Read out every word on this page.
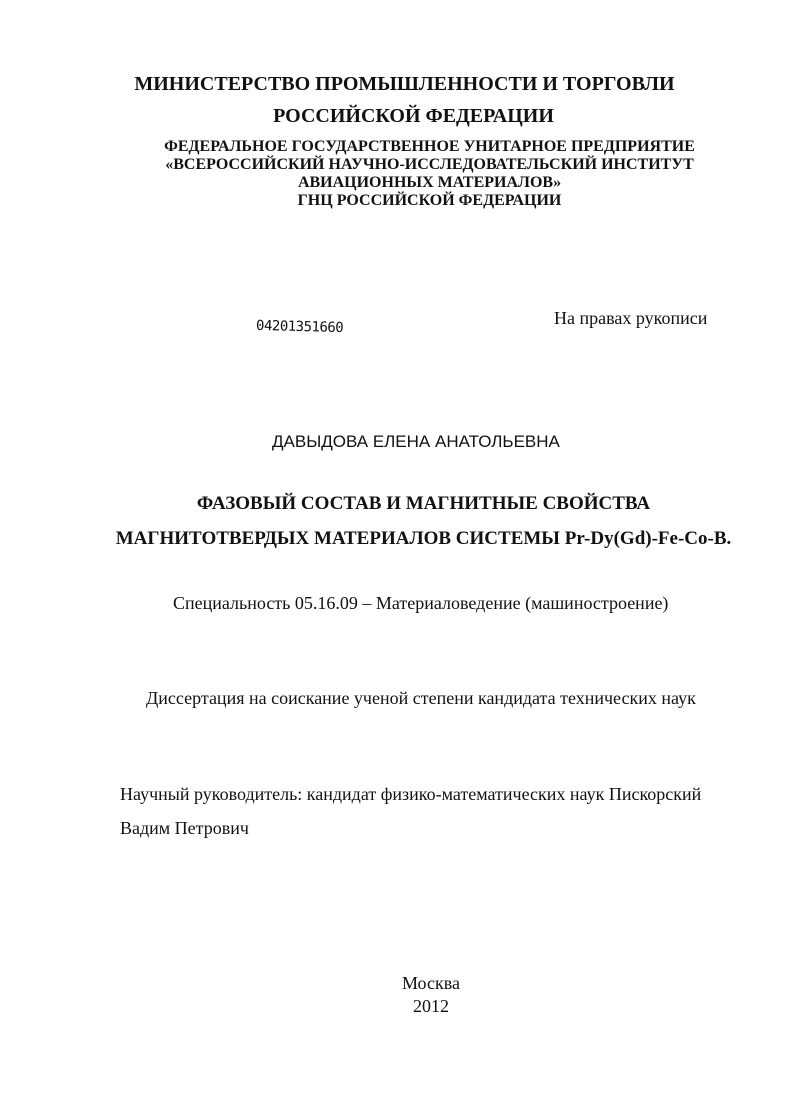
МИНИСТЕРСТВО ПРОМЫШЛЕННОСТИ И ТОРГОВЛИ
РОССИЙСКОЙ ФЕДЕРАЦИИ
ФЕДЕРАЛЬНОЕ ГОСУДАРСТВЕННОЕ УНИТАРНОЕ ПРЕДПРИЯТИЕ
«ВСЕРОССИЙСКИЙ НАУЧНО-ИССЛЕДОВАТЕЛЬСКИЙ ИНСТИТУТ
АВИАЦИОННЫХ МАТЕРИАЛОВ»
ГНЦ РОССИЙСКОЙ ФЕДЕРАЦИИ
04201351660	На правах рукописи
ДАВЫДОВА ЕЛЕНА АНАТОЛЬЕВНА
ФАЗОВЫЙ СОСТАВ И МАГНИТНЫЕ СВОЙСТВА
МАГНИТОТВЕРДЫХ МАТЕРИАЛОВ СИСТЕМЫ Pr-Dy(Gd)-Fe-Co-B.
Специальность 05.16.09 – Материаловедение (машиностроение)
Диссертация на соискание ученой степени кандидата технических наук
Научный руководитель: кандидат физико-математических наук Пискорский
Вадим Петрович
Москва
2012
